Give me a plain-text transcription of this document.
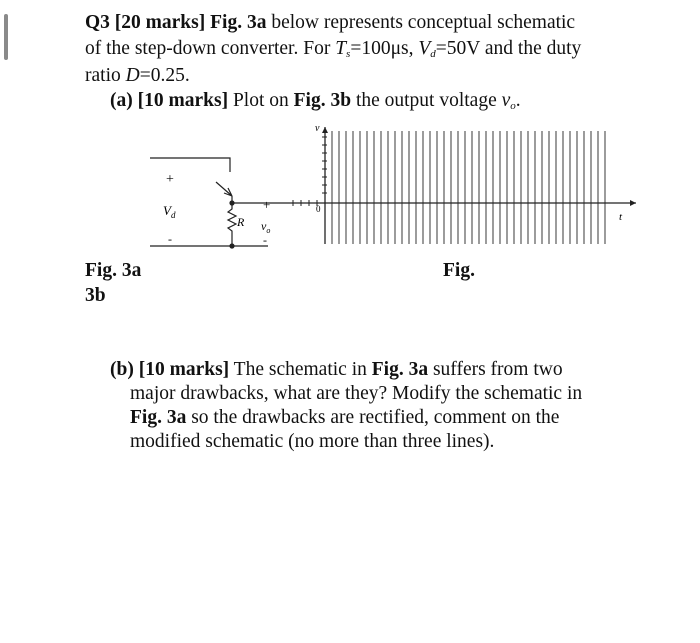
Q3 [20 marks] Fig. 3a below represents conceptual schematic
of the step-down converter. For $T_s=100\mu s$, $V_d=50V$ and the duty
ratio D=0.25.
(a) [10 marks] Plot on Fig. 3b the output voltage $v_o$.
+
$V_d$
-
R
+
$v_o$
-
v
0
t
Fig. 3a
3b
Fig.
(b) [10 marks] The schematic in Fig. 3a suffers from two
major drawbacks, what are they? Modify the schematic in
Fig. 3a so the drawbacks are rectified, comment on the
modified schematic (no more than three lines).
